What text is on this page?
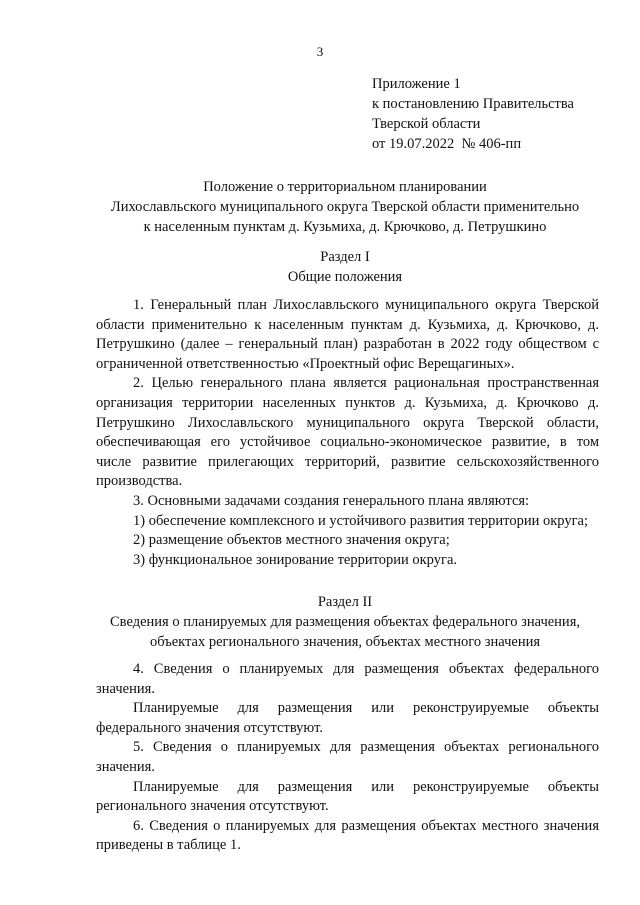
3
Приложение 1
к постановлению Правительства
Тверской области
от 19.07.2022  № 406-пп
Положение о территориальном планировании
Лихославльского муниципального округа Тверской области применительно
к населенным пунктам д. Кузьмиха, д. Крючково, д. Петрушкино
Раздел I
Общие положения

1. Генеральный план Лихославльского муниципального округа Тверской области применительно к населенным пунктам д. Кузьмиха, д. Крючково, д. Петрушкино (далее – генеральный план) разработан в 2022 году обществом с ограниченной ответственностью «Проектный офис Верещагиных».

2. Целью генерального плана является рациональная пространственная организация территории населенных пунктов д. Кузьмиха, д. Крючково д. Петрушкино Лихославльского муниципального округа Тверской области, обеспечивающая его устойчивое социально-экономическое развитие, в том числе развитие прилегающих территорий, развитие сельскохозяйственного производства.

3. Основными задачами создания генерального плана являются:

1) обеспечение комплексного и устойчивого развития территории округа;

2) размещение объектов местного значения округа;

3) функциональное зонирование территории округа.

Раздел II
Сведения о планируемых для размещения объектах федерального значения,
объектах регионального значения, объектах местного значения

4. Сведения о планируемых для размещения объектах федерального значения.

Планируемые для размещения или реконструируемые объекты федерального значения отсутствуют.

5. Сведения о планируемых для размещения объектах регионального значения.

Планируемые для размещения или реконструируемые объекты регионального значения отсутствуют.

6. Сведения о планируемых для размещения объектах местного значения приведены в таблице 1.
